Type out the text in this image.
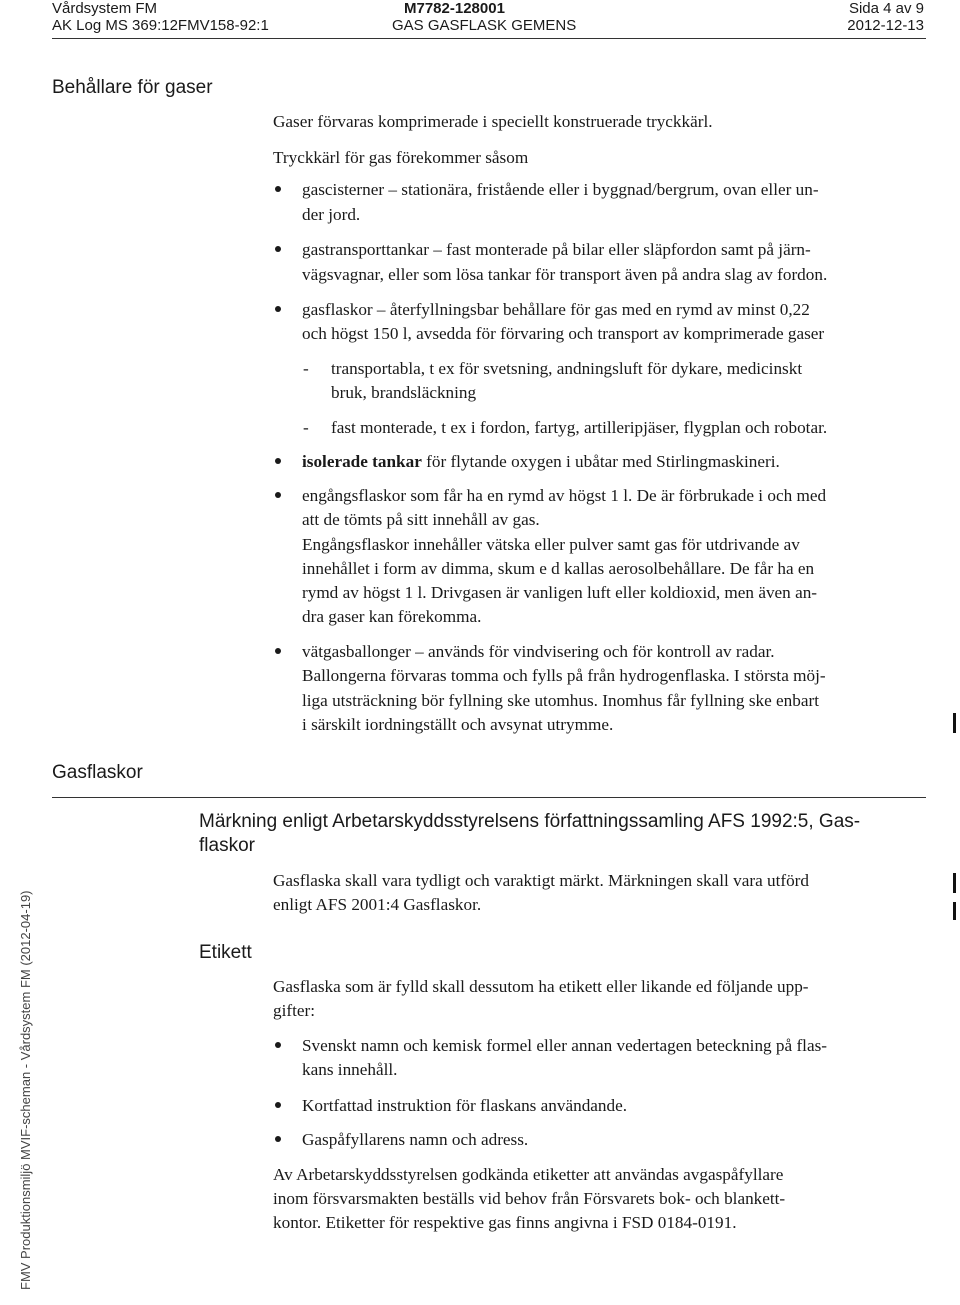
Vårdsystem FM	M7782-128001	Sida 4 av 9
AK Log MS 369:12FMV158-92:1	GAS GASFLASK GEMENS	2012-12-13
Behållare för gaser
Gaser förvaras komprimerade i speciellt konstruerade tryckkärl.
Tryckkärl för gas förekommer såsom
gascisterner – stationära, fristående eller i byggnad/bergrum, ovan eller un-
der jord.
gastransporttankar – fast monterade på bilar eller släpfordon samt på järn-
vägsvagnar, eller som lösa tankar för transport även på andra slag av fordon.
gasflaskor – återfyllningsbar behållare för gas med en rymd av minst 0,22
och högst 150 l, avsedda för förvaring och transport av komprimerade gaser
- transportabla, t ex för svetsning, andningsluft för dykare, medicinskt
bruk, brandsläckning
- fast monterade, t ex i fordon, fartyg, artilleripjäser, flygplan och robotar.
isolerade tankar för flytande oxygen i ubåtar med Stirlingmaskineri.
engångsflaskor som får ha en rymd av högst 1 l. De är förbrukade i och med
att de tömts på sitt innehåll av gas.
Engångsflaskor innehåller vätska eller pulver samt gas för utdrivande av
innehållet i form av dimma, skum e d kallas aerosolbehållare. De får ha en
rymd av högst 1 l. Drivgasen är vanligen luft eller koldioxid, men även an-
dra gaser kan förekomma.
vätgasballonger – används för vindvisering och för kontroll av radar.
Ballongerna förvaras tomma och fylls på från hydrogenflaska. I största möj-
liga utsträckning bör fyllning ske utomhus. Inomhus får fyllning ske enbart
i särskilt iordningställt och avsynat utrymme.
Gasflaskor
Märkning enligt Arbetarskyddsstyrelsens författningssamling AFS 1992:5, Gas-
flaskor
Gasflaska skall vara tydligt och varaktigt märkt. Märkningen skall vara utförd
enligt AFS 2001:4 Gasflaskor.
Gasflaska som är fylld skall dessutom ha etikett eller likande ed följande upp-
gifter:
Svenskt namn och kemisk formel eller annan vedertagen beteckning på flas-
kans innehåll.
Kortfattad instruktion för flaskans användande.
Gaspåfyllarens namn och adress.
Av Arbetarskyddsstyrelsen godkända etiketter att användas avgaspåfyllare
inom försvarsmakten beställs vid behov från Försvarets bok- och blankett-
kontor. Etiketter för respektive gas finns angivna i FSD 0184-0191.
Etikett
FMV Produktionsmiljö MVIF-scheman - Vårdsystem FM (2012-04-19)
